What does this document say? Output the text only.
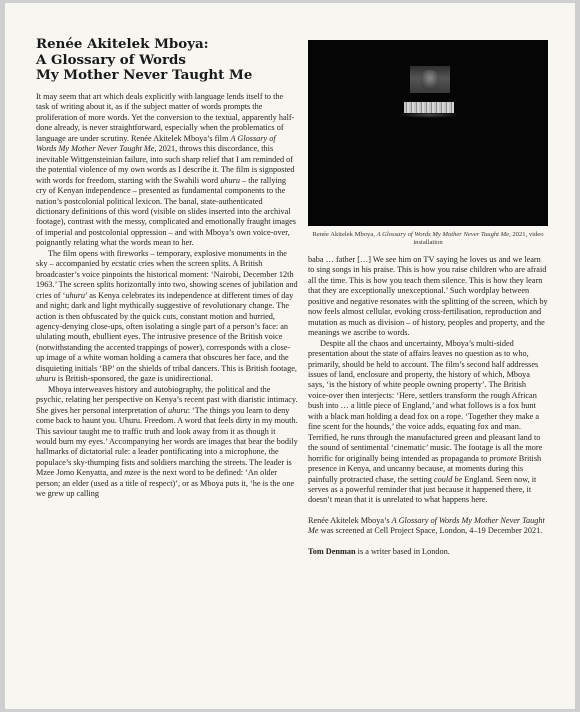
Renée Akitelek Mboya:
A Glossary of Words
My Mother Never Taught Me

It may seem that art which deals explicitly with language lends itself to the task of writing about it, as if the subject matter of words prompts the proliferation of more words. Yet the conversion to the textual, apparently half-done already, is never straightforward, especially when the problematics of language are under scrutiny. Renée Akitelek Mboya’s film A Glossary of Words My Mother Never Taught Me, 2021, throws this discordance, this inevitable Wittgensteinian failure, into such sharp relief that I am reminded of the potential violence of my own words as I describe it. The film is signposted with words for freedom, starting with the Swahili word uhuru – the rallying cry of Kenyan independence – presented as fundamental components to the nation’s postcolonial political lexicon. The banal, state-authenticated dictionary definitions of this word (visible on slides inserted into the archival footage), contrast with the messy, complicated and emotionally fraught images of imperial and postcolonial oppression – and with Mboya’s own voice-over, poignantly relating what the words mean to her.

The film opens with fireworks – temporary, explosive monuments in the sky – accompanied by ecstatic cries when the screen splits. A British broadcaster’s voice pinpoints the historical moment: ‘Nairobi, December 12th 1963.’ The screen splits horizontally into two, showing scenes of jubilation and cries of ‘uhuru’ as Kenya celebrates its independence at different times of day and night; dark and light mythically suggestive of revolutionary change. The action is then obfuscated by the quick cuts, constant motion and hurried, agency-denying close-ups, often isolating a single part of a person’s face: an ululating mouth, ebullient eyes. The intrusive presence of the British voice (notwithstanding the accented trappings of power), corresponds with a close-up image of a white woman holding a camera that obscures her face, and the disquieting initials ‘BP’ on the shields of tribal dancers. This is British footage, uhuru is British-sponsored, the gaze is unidirectional.

Mboya interweaves history and autobiography, the political and the psychic, relating her perspective on Kenya’s recent past with diaristic intimacy. She gives her personal interpretation of uhuru: ‘The things you learn to deny come back to haunt you. Uhuru. Freedom. A word that feels dirty in my mouth. This saviour taught me to traffic truth and look away from it as though it would burn my eyes.’ Accompanying her words are images that bear the bodily hallmarks of dictatorial rule: a leader pontificating into a microphone, the populace’s sky-thumping fists and soldiers marching the streets. The leader is Mzee Jomo Kenyatta, and mzee is the next word to be defined: ‘An older person; an elder (used as a title of respect)’, or as Mboya puts it, ‘he is the one we grew up calling

Renée Akitelek Mboya, A Glossary of Words My Mother Never Taught Me, 2021, video installation

baba … father […] We see him on TV saying he loves us and we learn to sing songs in his praise. This is how you raise children who are afraid all the time. This is how you teach them silence. This is how they learn that they are exceptionally unexceptional.’ Such wordplay between positive and negative resonates with the splitting of the screen, which by now feels almost cellular, evoking cross-fertilisation, reproduction and mutation as much as division – of history, peoples and property, and the meanings we ascribe to words.

Despite all the chaos and uncertainty, Mboya’s multi-sided presentation about the state of affairs leaves no question as to who, primarily, should be held to account. The film’s second half addresses issues of land, enclosure and property, the history of which, Mboya says, ‘is the history of white people owning property’. The British voice-over then interjects: ‘Here, settlers transform the rough African bush into … a little piece of England,’ and what follows is a fox hunt with a black man holding a dead fox on a rope. ‘Together they make a fine scent for the hounds,’ the voice adds, equating fox and man. Terrified, he runs through the manufactured green and pleasant land to the sound of sentimental ‘cinematic’ music. The footage is all the more horrific for originally being intended as propaganda to promote British presence in Kenya, and uncanny because, at moments during this painfully protracted chase, the setting could be England. Seen now, it serves as a powerful reminder that just because it happened there, it doesn’t mean that it is unrelated to what happens here.

Renée Akitelek Mboya’s A Glossary of Words My Mother Never Taught Me was screened at Cell Project Space, London, 4–19 December 2021.

Tom Denman is a writer based in London.
